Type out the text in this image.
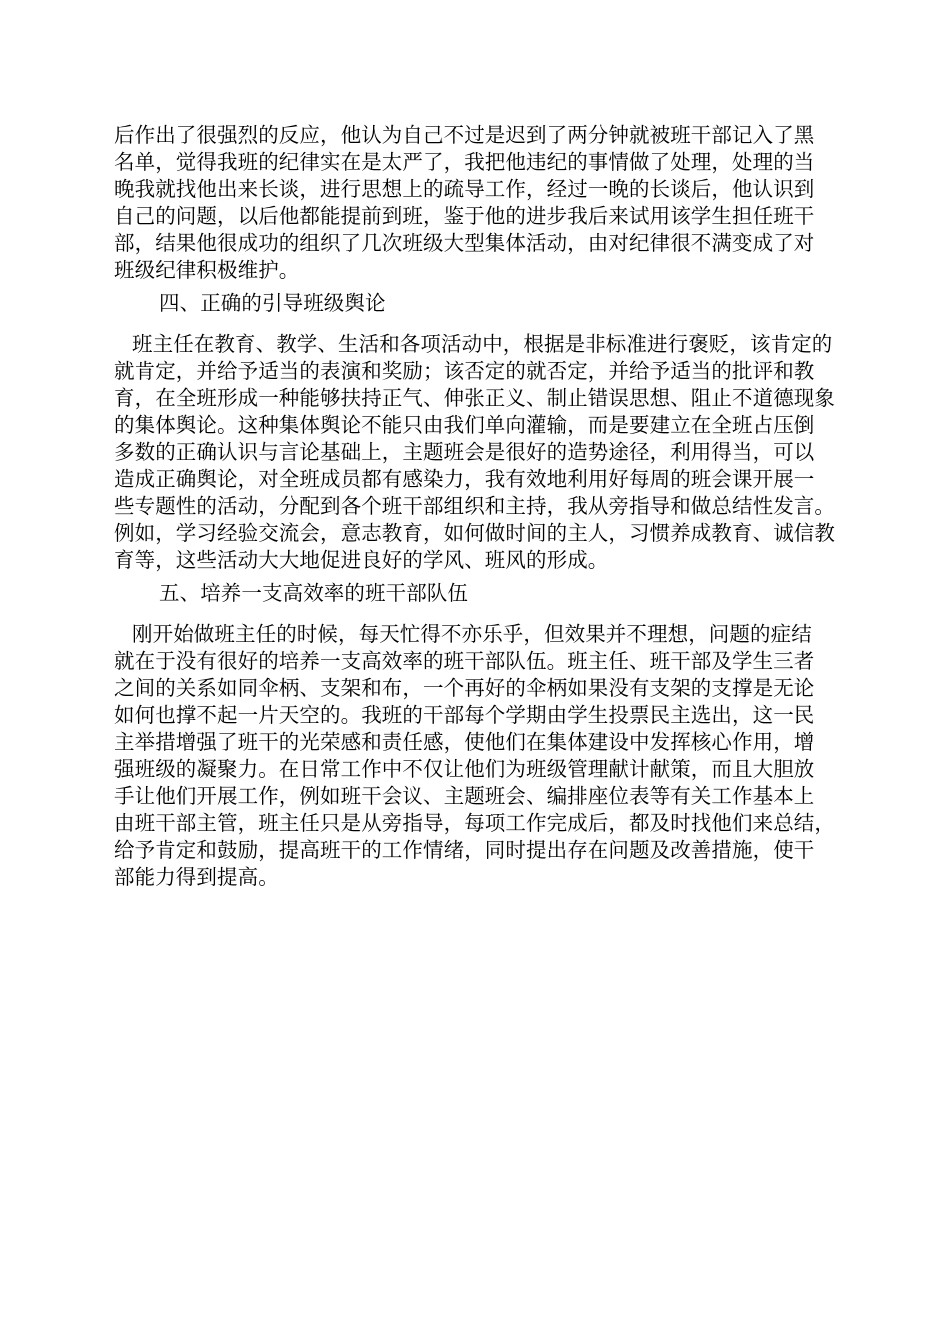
后作出了很强烈的反应，他认为自己不过是迟到了两分钟就被班干部记入了黑
名单，觉得我班的纪律实在是太严了，我把他违纪的事情做了处理，处理的当
晚我就找他出来长谈，进行思想上的疏导工作，经过一晚的长谈后，他认识到
自己的问题，以后他都能提前到班，鉴于他的进步我后来试用该学生担任班干
部，结果他很成功的组织了几次班级大型集体活动，由对纪律很不满变成了对
班级纪律积极维护。
四、正确的引导班级舆论
班主任在教育、教学、生活和各项活动中，根据是非标准进行褒贬，该肯定的
就肯定，并给予适当的表演和奖励；该否定的就否定，并给予适当的批评和教
育，在全班形成一种能够扶持正气、伸张正义、制止错误思想、阻止不道德现象
的集体舆论。这种集体舆论不能只由我们单向灌输，而是要建立在全班占压倒
多数的正确认识与言论基础上，主题班会是很好的造势途径，利用得当，可以
造成正确舆论，对全班成员都有感染力，我有效地利用好每周的班会课开展一
些专题性的活动，分配到各个班干部组织和主持，我从旁指导和做总结性发言。
例如，学习经验交流会，意志教育，如何做时间的主人，习惯养成教育、诚信教
育等，这些活动大大地促进良好的学风、班风的形成。
五、培养一支高效率的班干部队伍
刚开始做班主任的时候，每天忙得不亦乐乎，但效果并不理想，问题的症结
就在于没有很好的培养一支高效率的班干部队伍。班主任、班干部及学生三者
之间的关系如同伞柄、支架和布，一个再好的伞柄如果没有支架的支撑是无论
如何也撑不起一片天空的。我班的干部每个学期由学生投票民主选出，这一民
主举措增强了班干的光荣感和责任感，使他们在集体建设中发挥核心作用，增
强班级的凝聚力。在日常工作中不仅让他们为班级管理献计献策，而且大胆放
手让他们开展工作，例如班干会议、主题班会、编排座位表等有关工作基本上
由班干部主管，班主任只是从旁指导，每项工作完成后，都及时找他们来总结，
给予肯定和鼓励，提高班干的工作情绪，同时提出存在问题及改善措施，使干
部能力得到提高。
